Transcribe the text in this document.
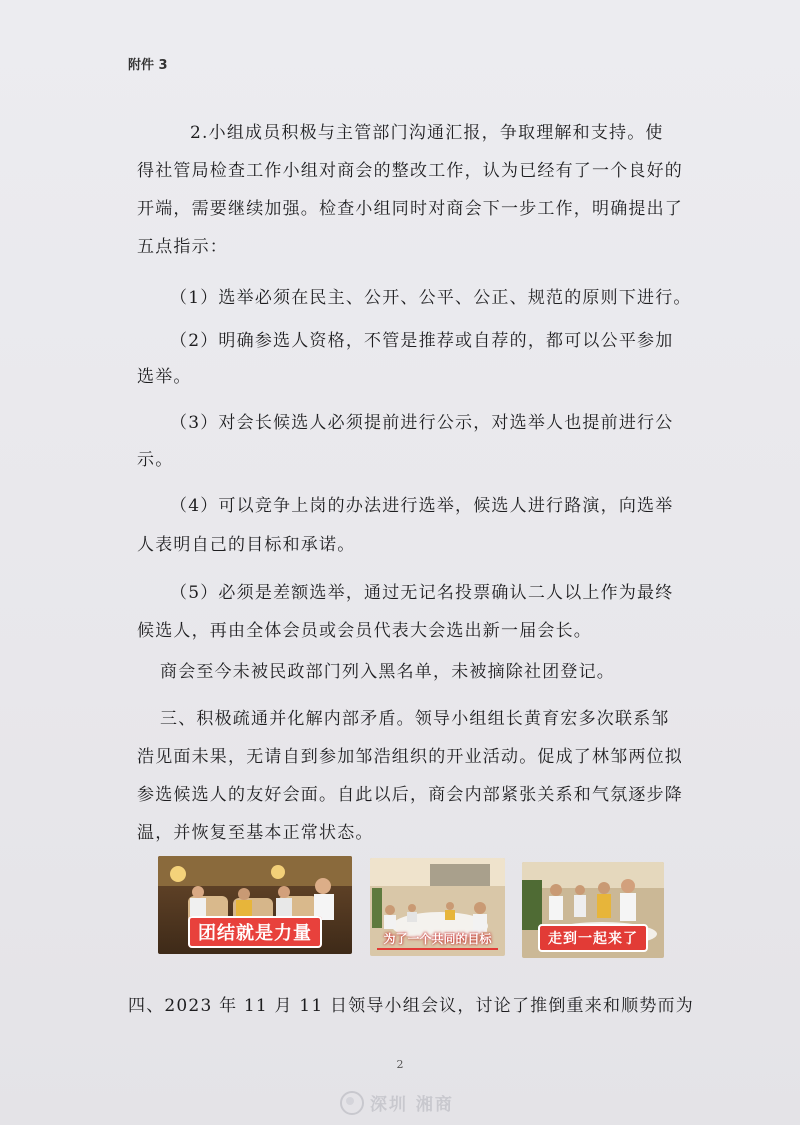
附件 3
2.小组成员积极与主管部门沟通汇报，争取理解和支持。使
得社管局检查工作小组对商会的整改工作，认为已经有了一个良好的
开端，需要继续加强。检查小组同时对商会下一步工作，明确提出了
五点指示：
（1）选举必须在民主、公开、公平、公正、规范的原则下进行。
（2）明确参选人资格，不管是推荐或自荐的，都可以公平参加
选举。
（3）对会长候选人必须提前进行公示，对选举人也提前进行公
示。
（4）可以竞争上岗的办法进行选举，候选人进行路演，向选举
人表明自己的目标和承诺。
（5）必须是差额选举，通过无记名投票确认二人以上作为最终
候选人，再由全体会员或会员代表大会选出新一届会长。
商会至今未被民政部门列入黑名单，未被摘除社团登记。
三、积极疏通并化解内部矛盾。领导小组组长黄育宏多次联系邹
浩见面未果，无请自到参加邹浩组织的开业活动。促成了林邹两位拟
参选候选人的友好会面。自此以后，商会内部紧张关系和气氛逐步降
温，并恢复至基本正常状态。
团结就是力量	为了一个共同的目标	走到一起来了
四、2023 年 11 月 11 日领导小组会议，讨论了推倒重来和顺势而为
2
深圳 湘商
